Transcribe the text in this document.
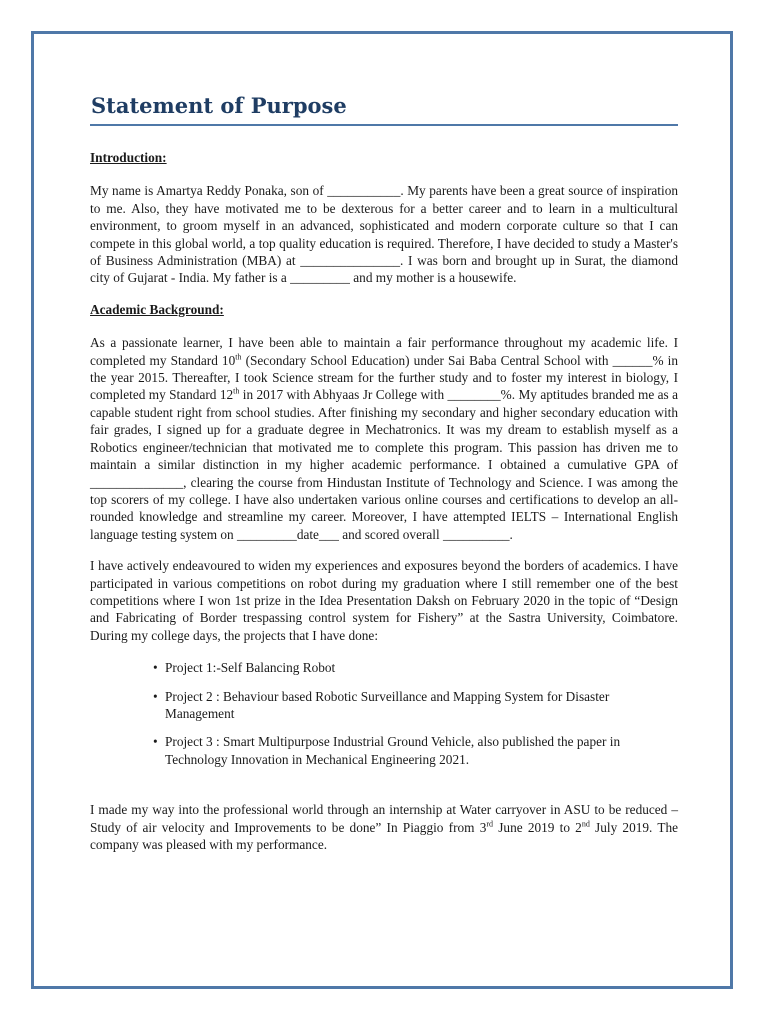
Statement of Purpose

Introduction:

My name is Amartya Reddy Ponaka, son of ___________. My parents have been a great source of inspiration to me. Also, they have motivated me to be dexterous for a better career and to learn in a multicultural environment, to groom myself in an advanced, sophisticated and modern corporate culture so that I can compete in this global world, a top quality education is required. Therefore, I have decided to study a Master's of Business Administration (MBA) at _______________. I was born and brought up in Surat, the diamond city of Gujarat - India. My father is a _________ and my mother is a housewife.

Academic Background:

As a passionate learner, I have been able to maintain a fair performance throughout my academic life. I completed my Standard 10th (Secondary School Education) under Sai Baba Central School with ______% in the year 2015. Thereafter, I took Science stream for the further study and to foster my interest in biology, I completed my Standard 12th in 2017 with Abhyaas Jr College with ________%. My aptitudes branded me as a capable student right from school studies. After finishing my secondary and higher secondary education with fair grades, I signed up for a graduate degree in Mechatronics. It was my dream to establish myself as a Robotics engineer/technician that motivated me to complete this program. This passion has driven me to maintain a similar distinction in my higher academic performance. I obtained a cumulative GPA of ______________, clearing the course from Hindustan Institute of Technology and Science. I was among the top scorers of my college. I have also undertaken various online courses and certifications to develop an all-rounded knowledge and streamline my career. Moreover, I have attempted IELTS – International English language testing system on _________date___ and scored overall __________.

I have actively endeavoured to widen my experiences and exposures beyond the borders of academics. I have participated in various competitions on robot during my graduation where I still remember one of the best competitions where I won 1st prize in the Idea Presentation Daksh on February 2020 in the topic of “Design and Fabricating of Border trespassing control system for Fishery” at the Sastra University, Coimbatore. During my college days, the projects that I have done:

• Project 1:-Self Balancing Robot
• Project 2 : Behaviour based Robotic Surveillance and Mapping System for Disaster Management
• Project 3 : Smart Multipurpose Industrial Ground Vehicle, also published the paper in Technology Innovation in Mechanical Engineering 2021.

I made my way into the professional world through an internship at Water carryover in ASU to be reduced – Study of air velocity and Improvements to be done” In Piaggio from 3rd June 2019 to 2nd July 2019. The company was pleased with my performance.
